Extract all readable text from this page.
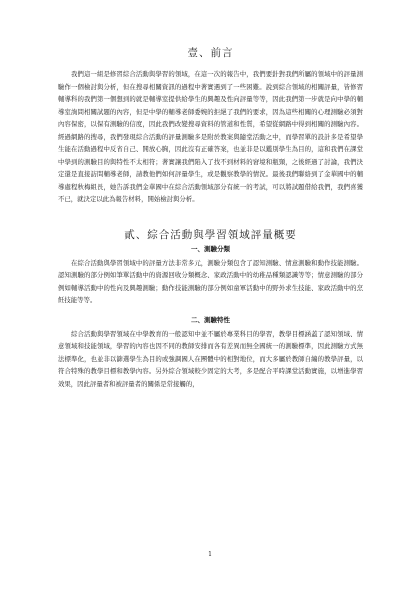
壹、前言

　　我們這一組是修習綜合活動與學習的領域，在這一次的報告中，我們要針對我們所屬的領域中的評量測驗作一個檢討與分析，但在搜尋相關資訊的過程中著實遇到了一些困難。說到綜合領域的相關評量，皆修習輔導科的我們第一個想到的就是輔導室提供給學生的興趣及性向評量等等，因此我們第一步就是向中學的輔導室詢問相關試題的內容，但是中學的輔導老師委婉的拒絕了我們的要求，因為這些相關的心理測驗必須對內容保密，以保有測驗的信度，因此我們改變搜尋資料的管道和性質，希望從網路中得到相關的測驗內容。經過網路的搜尋，我們發現綜合活動的評量測驗多是附於教案與隨堂活動之中，而學習單的設計多是希望學生能在活動過程中反省自己、開放心胸，因此沒有正確答案，也並非是以鑑別學生為目的，這和我們在課堂中學到的測驗目的與特性不太相符；著實讓我們陷入了找不到材料的窘境和瓶頸，之後經過了討論，我們決定還是直接訪問輔導老師，請教他們如何評量學生，或是觀察教學的情況。最後我們聯絡到了金華國中的輔導處程秋梅組長，她告訴我們金華國中在綜合活動領域部分有統一的考試，可以將試題借給我們，我們喜獲不已，就決定以此為報告材料，開始檢討與分析。

貳、綜合活動與學習領域評量概要
一、測驗分類

　　在綜合活動與學習領域中的評量方法非常多元，測驗分類包含了認知測驗、情意測驗和動作技能測驗。認知測驗的部分例如筆單活動中的資源回收分類概念、家政活動中的幼稚品種類認識等等；情意測驗的部分例如輔導活動中的性向及興趣測驗；動作技能測驗的部分例如童軍活動中的野外求生技能、家政活動中的烹飪技能等等。

二、測驗特性

　　綜合活動與學習領域在中學教育的一般認知中並不屬於專業科目的學習，教學目標涵蓋了認知領域、情意領域和技能領域，學習的內容也因不同的教師安排而各有差異而無全國統一的測驗標準，因此測驗方式無法標準化，也並非以篩選學生為目的或強調國人在團體中的相對地位，而大多屬於教師自編的教學評量，以符合特殊的教學目標和教學內容。另外綜合領域較少固定的大考，多是配合平時課堂活動實施，以增進學習效果，因此評量者和被評量者的關係是常接觸的，

1
